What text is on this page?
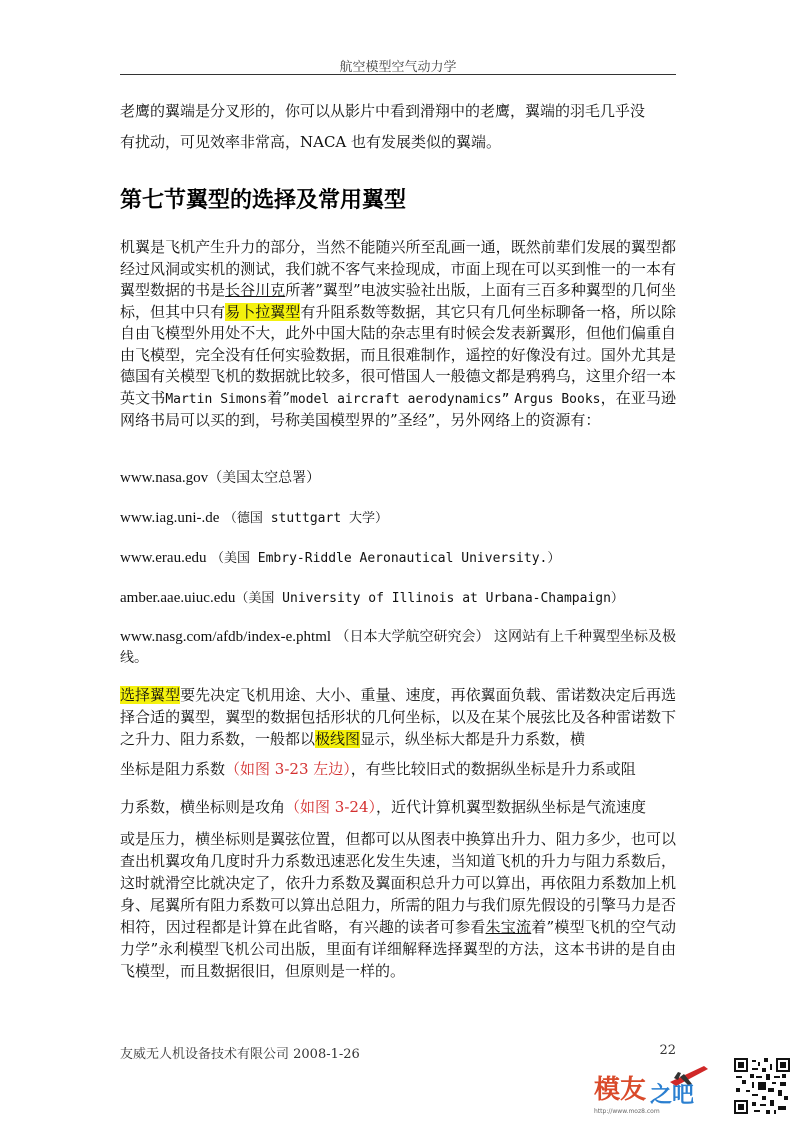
航空模型空气动力学

老鹰的翼端是分叉形的，你可以从影片中看到滑翔中的老鹰，翼端的羽毛几乎没
有扰动，可见效率非常高，NACA 也有发展类似的翼端。

第七节翼型的选择及常用翼型

机翼是飞机产生升力的部分，当然不能随兴所至乱画一通，既然前辈们发展的翼型都经过风洞或实机的测试，我们就不客气来捡现成，市面上现在可以买到惟一的一本有翼型数据的书是长谷川克所著”翼型”电波实验社出版，上面有三百多种翼型的几何坐标，但其中只有易卜拉翼型有升阻系数等数据，其它只有几何坐标聊备一格，所以除自由飞模型外用处不大，此外中国大陆的杂志里有时候会发表新翼形，但他们偏重自由飞模型，完全没有任何实验数据，而且很难制作，遥控的好像没有过。国外尤其是德国有关模型飞机的数据就比较多，很可惜国人一般德文都是鸦鸦乌，这里介绍一本英文书Martin Simons着”model aircraft aerodynamics” Argus Books，在亚马逊网络书局可以买的到，号称美国模型界的”圣经”，另外网络上的资源有：

www.nasa.gov（美国太空总署）

www.iag.uni-.de （德国 stuttgart 大学）

www.erau.edu （美国 Embry-Riddle Aeronautical University.）

amber.aae.uiuc.edu（美国 University of Illinois at Urbana-Champaign）

www.nasg.com/afdb/index-e.phtml （日本大学航空研究会） 这网站有上千种翼型坐标及极线。

选择翼型要先决定飞机用途、大小、重量、速度，再依翼面负载、雷诺数决定后再选择合适的翼型，翼型的数据包括形状的几何坐标，以及在某个展弦比及各种雷诺数下之升力、阻力系数，一般都以极线图显示，纵坐标大都是升力系数，横

坐标是阻力系数（如图 3-23 左边），有些比较旧式的数据纵坐标是升力系或阻

力系数，横坐标则是攻角（如图 3-24），近代计算机翼型数据纵坐标是气流速度

或是压力，横坐标则是翼弦位置，但都可以从图表中换算出升力、阻力多少，也可以查出机翼攻角几度时升力系数迅速恶化发生失速，当知道飞机的升力与阻力系数后，这时就滑空比就决定了，依升力系数及翼面积总升力可以算出，再依阻力系数加上机身、尾翼所有阻力系数可以算出总阻力，所需的阻力与我们原先假设的引擎马力是否相符，因过程都是计算在此省略，有兴趣的读者可参看朱宝流着”模型飞机的空气动力学”永利模型飞机公司出版，里面有详细解释选择翼型的方法，这本书讲的是自由飞模型，而且数据很旧，但原则是一样的。

友威无人机设备技术有限公司 2008-1-26	22
模友 之吧
http://www.moz8.com
